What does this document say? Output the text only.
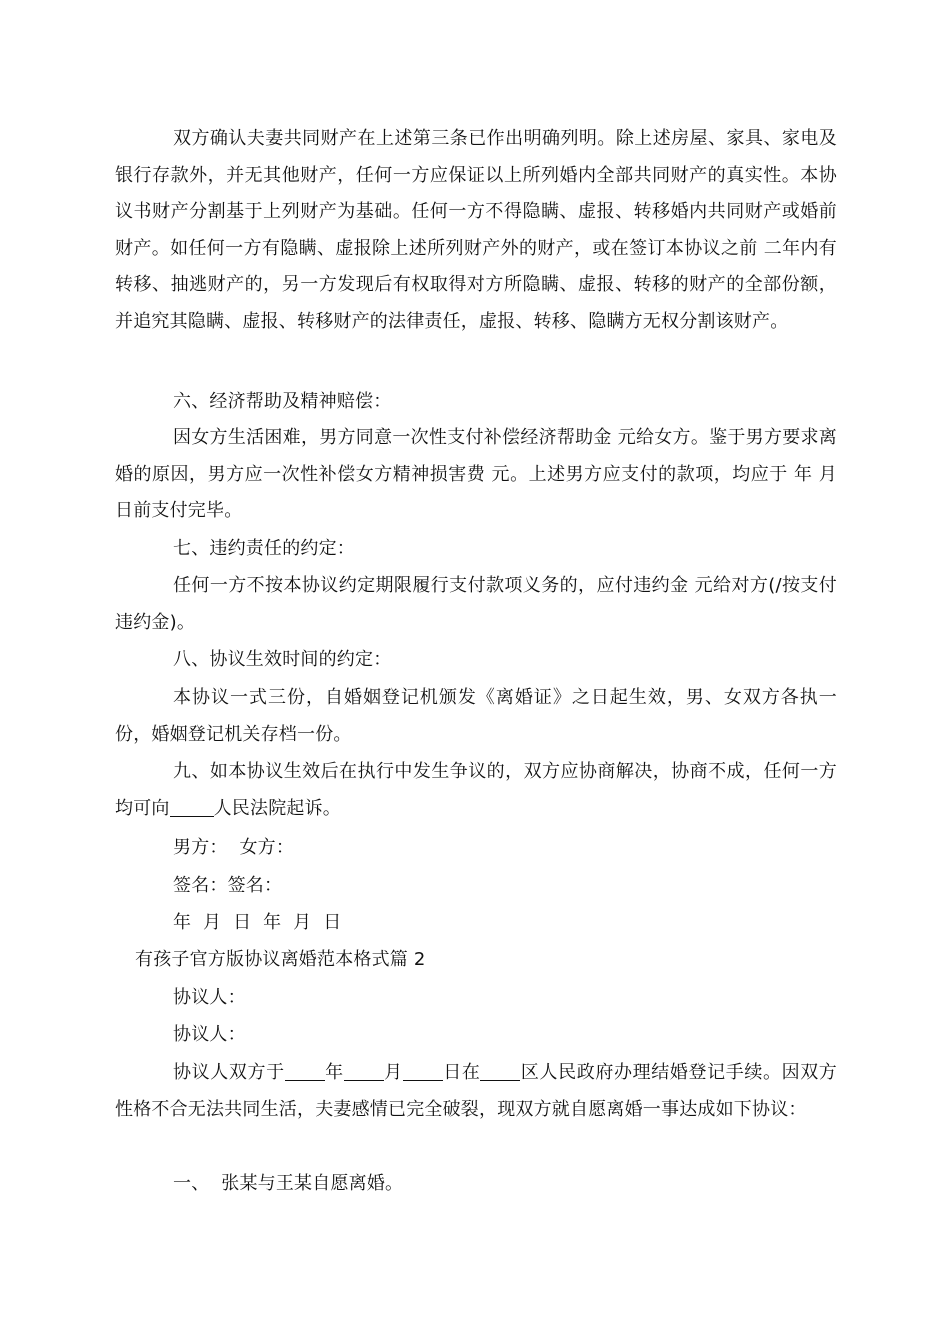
双方确认夫妻共同财产在上述第三条已作出明确列明。除上述房屋、家具、家电及银行存款外，并无其他财产，任何一方应保证以上所列婚内全部共同财产的真实性。本协议书财产分割基于上列财产为基础。任何一方不得隐瞒、虚报、转移婚内共同财产或婚前财产。如任何一方有隐瞒、虚报除上述所列财产外的财产，或在签订本协议之前 二年内有转移、抽逃财产的，另一方发现后有权取得对方所隐瞒、虚报、转移的财产的全部份额，并追究其隐瞒、虚报、转移财产的法律责任，虚报、转移、隐瞒方无权分割该财产。

六、经济帮助及精神赔偿：

因女方生活困难，男方同意一次性支付补偿经济帮助金 元给女方。鉴于男方要求离婚的原因，男方应一次性补偿女方精神损害费 元。上述男方应支付的款项，均应于 年 月 日前支付完毕。

七、违约责任的约定：

任何一方不按本协议约定期限履行支付款项义务的，应付违约金 元给对方(/按支付违约金)。

八、协议生效时间的约定：

本协议一式三份，自婚姻登记机颁发《离婚证》之日起生效，男、女双方各执一份，婚姻登记机关存档一份。

九、如本协议生效后在执行中发生争议的，双方应协商解决，协商不成，任何一方均可向 人民法院起诉。

男方：  女方：

签名：签名：

年  月  日  年  月  日

有孩子官方版协议离婚范本格式篇 2

协议人：

协议人：

协议人双方于 年 月 日在 区人民政府办理结婚登记手续。因双方性格不合无法共同生活，夫妻感情已完全破裂，现双方就自愿离婚一事达成如下协议：

一、  张某与王某自愿离婚。
